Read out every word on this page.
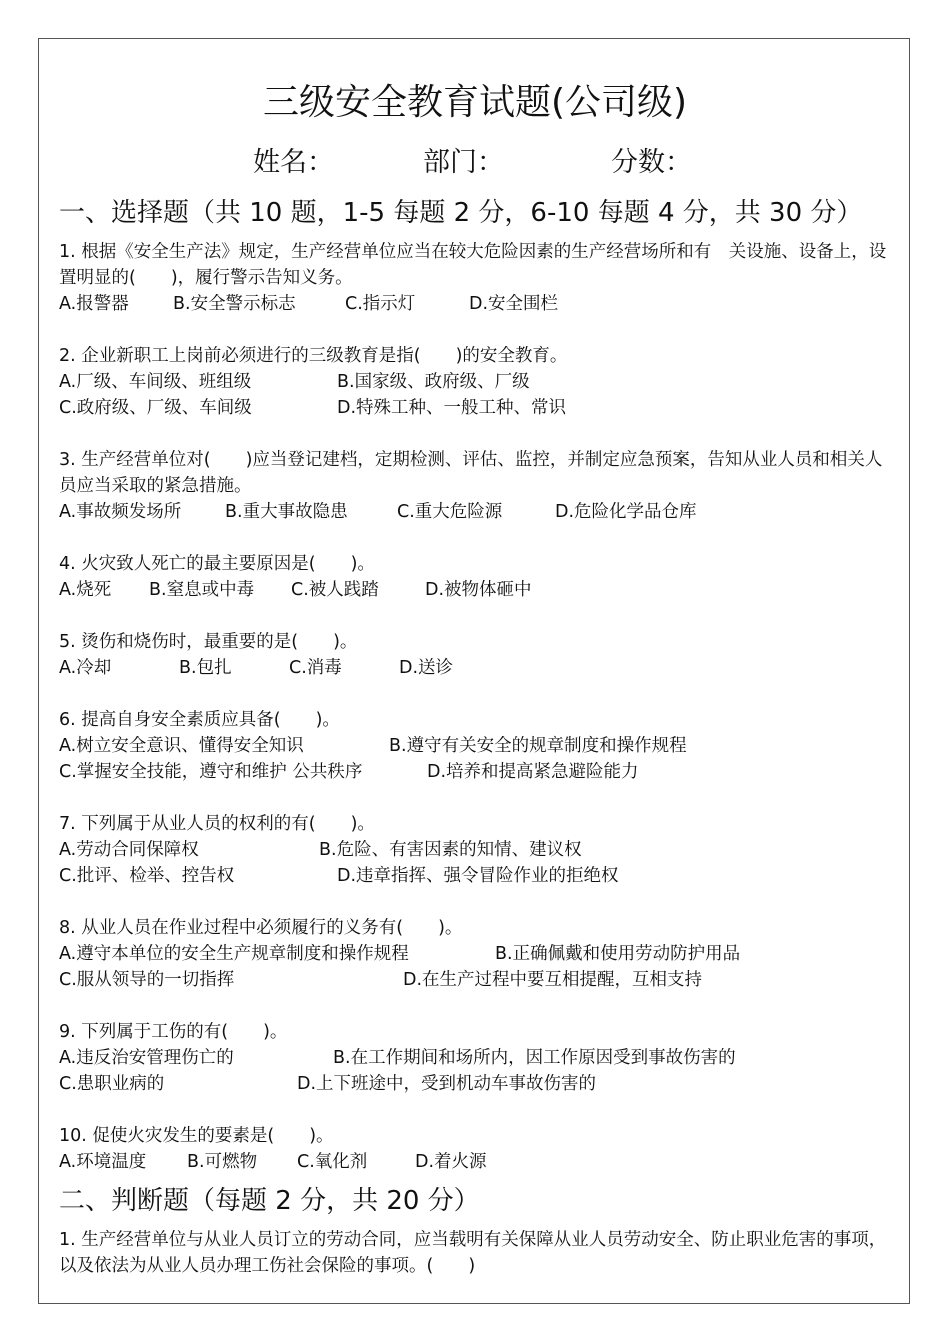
三级安全教育试题(公司级)
姓名：	部门：	分数：
一、选择题（共 10 题，1-5 每题 2 分，6-10 每题 4 分，共 30 分）
1. 根据《安全生产法》规定，生产经营单位应当在较大危险因素的生产经营场所和有　关设施、设备上，设置明显的(　　)，履行警示告知义务。
A.报警器	B.安全警示标志	C.指示灯	D.安全围栏
2. 企业新职工上岗前必须进行的三级教育是指(　　)的安全教育。
A.厂级、车间级、班组级	B.国家级、政府级、厂级
C.政府级、厂级、车间级	D.特殊工种、一般工种、常识
3. 生产经营单位对(　　)应当登记建档，定期检测、评估、监控，并制定应急预案，告知从业人员和相关人员应当采取的紧急措施。
A.事故频发场所	B.重大事故隐患	C.重大危险源	D.危险化学品仓库
4. 火灾致人死亡的最主要原因是(　　)。
A.烧死 B.窒息或中毒 C.被人践踏	D.被物体砸中
5. 烫伤和烧伤时，最重要的是(　　)。
A.冷却	B.包扎	C.消毒	D.送诊
6. 提高自身安全素质应具备(　　)。
A.树立安全意识、懂得安全知识	B.遵守有关安全的规章制度和操作规程
C.掌握安全技能，遵守和维护 公共秩序	D.培养和提高紧急避险能力
7. 下列属于从业人员的权利的有(　　)。
A.劳动合同保障权	B.危险、有害因素的知情、建议权
C.批评、检举、控告权	D.违章指挥、强令冒险作业的拒绝权
8. 从业人员在作业过程中必须履行的义务有(　　)。
A.遵守本单位的安全生产规章制度和操作规程	B.正确佩戴和使用劳动防护用品
C.服从领导的一切指挥	D.在生产过程中要互相提醒，互相支持
9. 下列属于工伤的有(　　)。
A.违反治安管理伤亡的	B.在工作期间和场所内，因工作原因受到事故伤害的
C.患职业病的	D.上下班途中，受到机动车事故伤害的
10. 促使火灾发生的要素是(　　)。
A.环境温度 B.可燃物 C.氧化剂	D.着火源
二、判断题（每题 2 分，共 20 分）
1. 生产经营单位与从业人员订立的劳动合同，应当载明有关保障从业人员劳动安全、防止职业危害的事项，以及依法为从业人员办理工伤社会保险的事项。(　　)
